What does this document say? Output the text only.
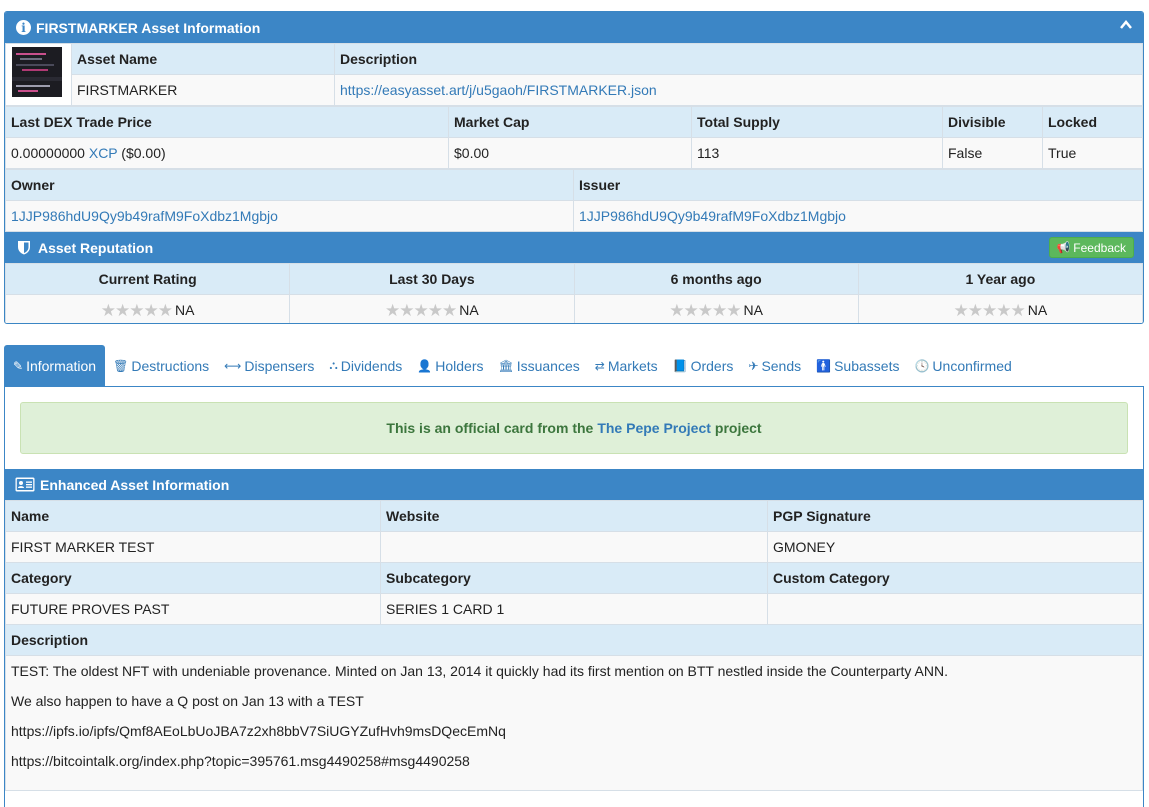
i FIRSTMARKER Asset Information
	Asset Name	Description
	FIRSTMARKER	https://easyasset.art/j/u5gaoh/FIRSTMARKER.json
Last DEX Trade Price	Market Cap	Total Supply	Divisible	Locked
0.00000000 XCP ($0.00)	$0.00	113	False	True
Owner	Issuer
1JJP986hdU9Qy9b49rafM9FoXdbz1Mgbjo	1JJP986hdU9Qy9b49rafM9FoXdbz1Mgbjo
Asset Reputation	📢 Feedback
Current Rating	Last 30 Days	6 months ago	1 Year ago
★★★★★ NA	★★★★★ NA	★★★★★ NA	★★★★★ NA
✎ Information 🗑 Destructions ⟷ Dispensers ⛬ Dividends 👤 Holders 🏛 Issuances ⇄ Markets 📘 Orders ✈ Sends 🚹 Subassets 🕓 Unconfirmed
This is an official card from the The Pepe Project project
Enhanced Asset Information
Name	Website	PGP Signature
FIRST MARKER TEST		GMONEY
Category	Subcategory	Custom Category
FUTURE PROVES PAST	SERIES 1 CARD 1	
Description		
TEST: The oldest NFT with undeniable provenance. Minted on Jan 13, 2014 it quickly had its first mention on BTT nestled inside the Counterparty ANN.
We also happen to have a Q post on Jan 13 with a TEST
https://ipfs.io/ipfs/Qmf8AEoLbUoJBA7z2xh8bbV7SiUGYZufHvh9msDQecEmNq
https://bitcointalk.org/index.php?topic=395761.msg4490258#msg4490258
